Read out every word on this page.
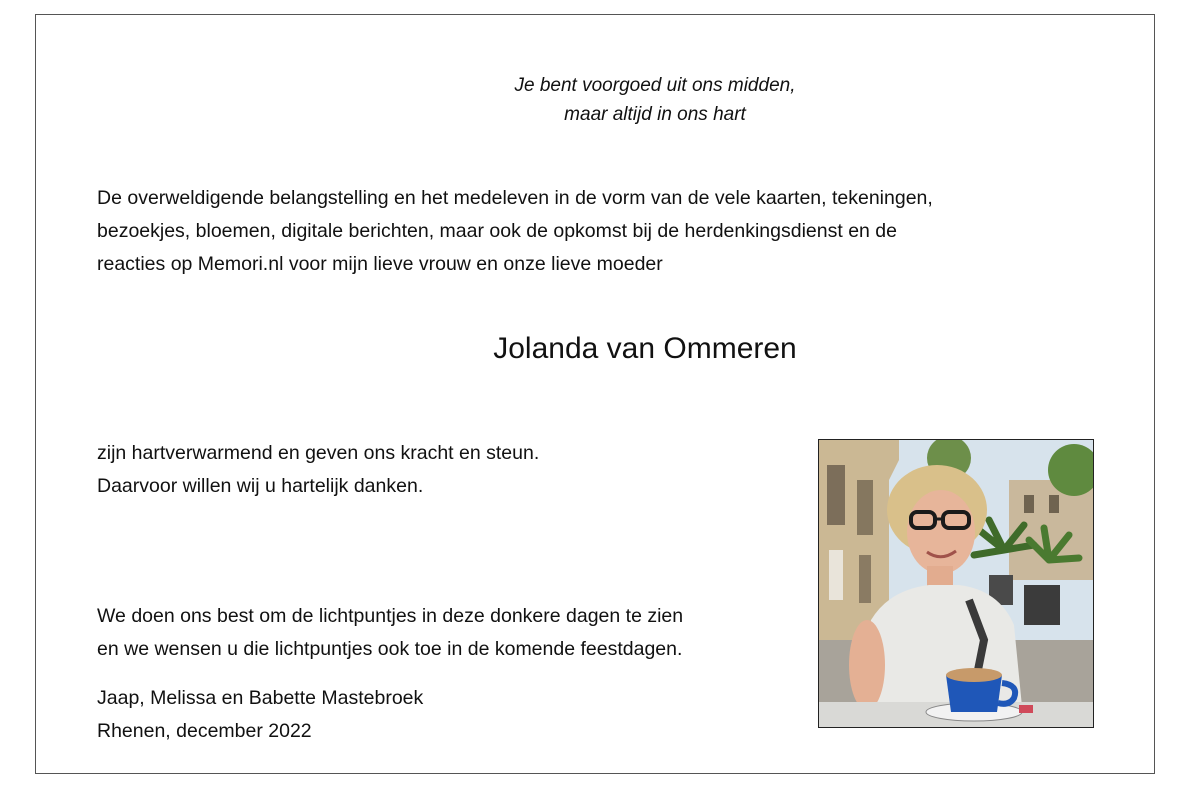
Je bent voorgoed uit ons midden,
maar altijd in ons hart
De overweldigende belangstelling en het medeleven in de vorm van de vele kaarten, tekeningen,
bezoekjes, bloemen, digitale berichten, maar ook de opkomst bij de herdenkingsdienst en de
reacties op Memori.nl voor mijn lieve vrouw en onze lieve moeder
Jolanda van Ommeren
zijn hartverwarmend en geven ons kracht en steun.
Daarvoor willen wij u hartelijk danken.
We doen ons best om de lichtpuntjes in deze donkere dagen te zien
en we wensen u die lichtpuntjes ook toe in de komende feestdagen.
Jaap, Melissa en Babette Mastebroek
Rhenen, december 2022
